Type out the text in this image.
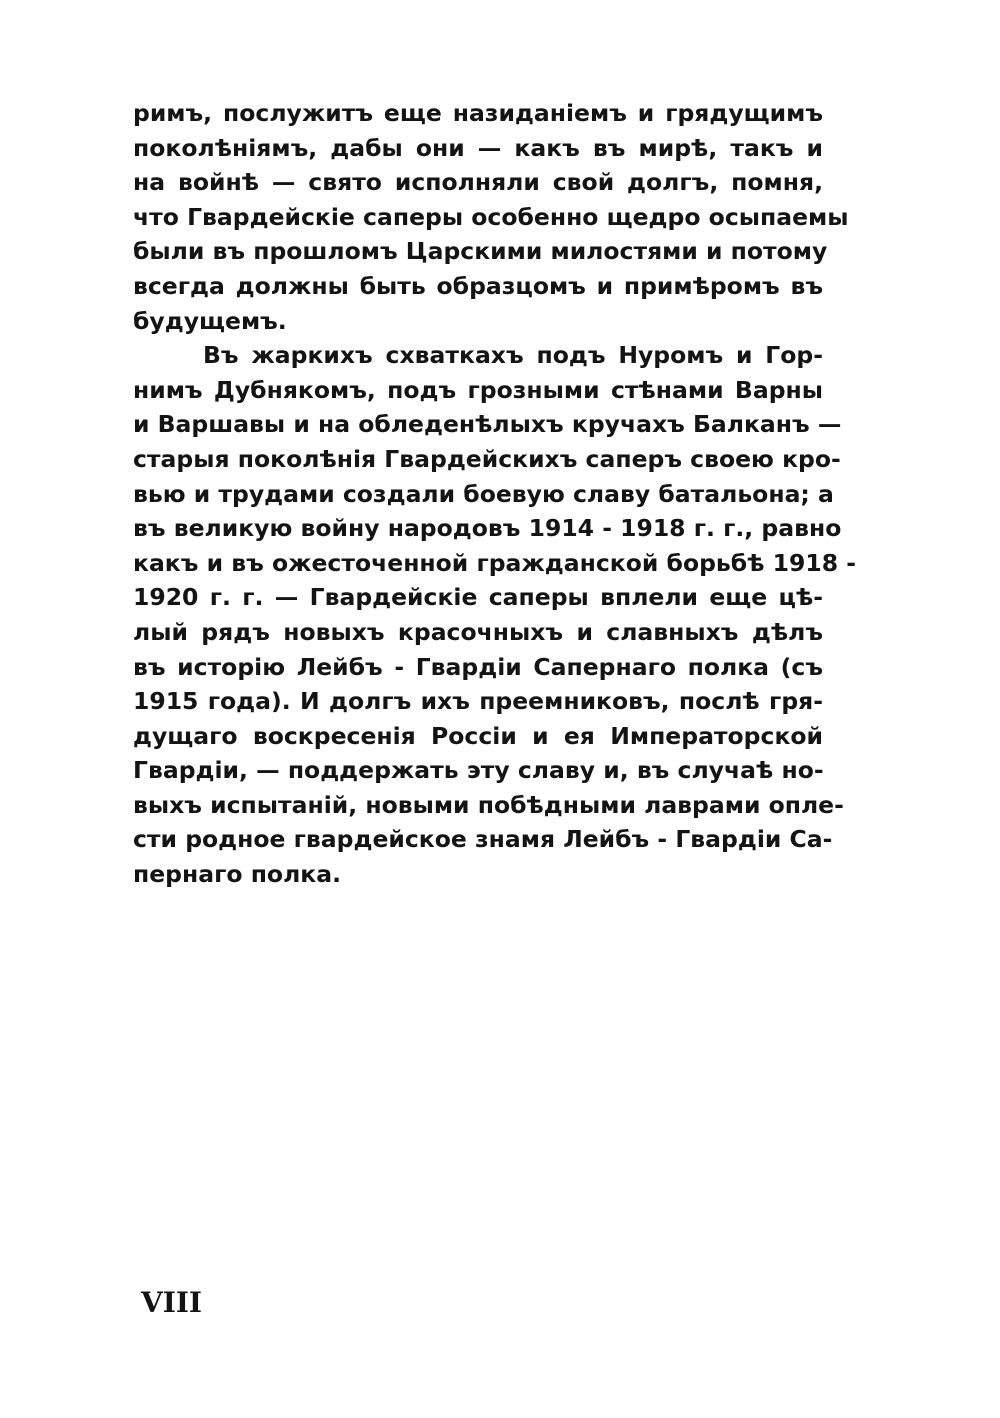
римъ, послужитъ еще назиданіемъ и грядущимъ
поколѣніямъ, дабы они — какъ въ мирѣ, такъ и
на войнѣ — свято исполняли свой долгъ, помня,
что Гвардейскіе саперы особенно щедро осыпаемы
были въ прошломъ Царскими милостями и потому
всегда должны быть образцомъ и примѣромъ въ
будущемъ.
Въ жаркихъ схваткахъ подъ Нуромъ и Гор-
нимъ Дубнякомъ, подъ грозными стѣнами Варны
и Варшавы и на обледенѣлыхъ кручахъ Балканъ —
старыя поколѣнія Гвардейскихъ саперъ своею кро-
вью и трудами создали боевую славу батальона; а
въ великую войну народовъ 1914 - 1918 г. г., равно
какъ и въ ожесточенной гражданской борьбѣ 1918 -
1920 г. г. — Гвардейскіе саперы вплели еще цѣ-
лый рядъ новыхъ красочныхъ и славныхъ дѣлъ
въ исторію Лейбъ - Гвардіи Сапернаго полка (съ
1915 года). И долгъ ихъ преемниковъ, послѣ гря-
дущаго воскресенія Россіи и ея Императорской
Гвардіи, — поддержать эту славу и, въ случаѣ но-
выхъ испытаній, новыми побѣдными лаврами опле-
сти родное гвардейское знамя Лейбъ - Гвардіи Са-
пернаго полка.
VIII
